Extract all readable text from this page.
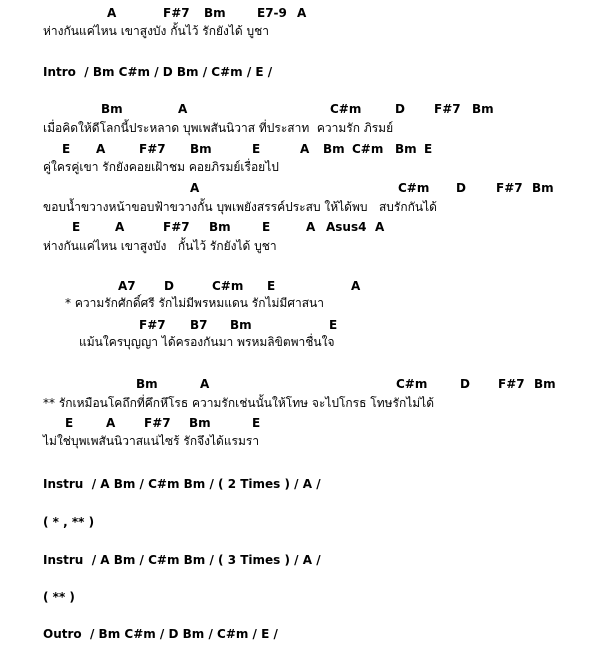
A	F#7 Bm	E7-9 A
ห่างกันแค่ไหน เขาสูงบัง กั้นไว้ รักยังได้ บูชา
Intro  / Bm C#m / D Bm / C#m / E /
Bm	A	C#m	D F#7 Bm
เมื่อคิดให้ดีโลกนี้ประหลาด บุพเพสันนิวาส ที่ประสาท  ความรัก ภิรมย์
E A	F#7 Bm	E	A Bm C#m Bm E
คู่ใครคู่เขา รักยังคอยเฝ้าชม คอยภิรมย์เรื่อยไป
A	C#m D	F#7 Bm
ขอบน้ำขวางหน้าขอบฟ้าขวางกั้น บุพเพยังสรรค์ประสบ ให้ได้พบ   สบรักกันได้
E	A	F#7 Bm	E	A Asus4 A
ห่างกันแค่ไหน เขาสูงบัง   กั้นไว้ รักยังได้ บูชา
A7 D	C#m E	A
* ความรักศักดิ์ศรี รักไม่มีพรหมแดน รักไม่มีศาสนา
F#7 B7 Bm	E
แม้นใครบุญญา ได้ครองกันมา พรหมลิขิตพาชื่นใจ
Bm	A	C#m	D F#7 Bm
** รักเหมือนโคถึกที่คึกหึโรธ ความรักเช่นนั้นให้โทษ จะไปโกรธ โทษรักไม่ได้
E	A F#7 Bm	E
ไม่ใช่บุพเพสันนิวาสแน่ไซร้ รักจึงได้แรมรา
Instru  / A Bm / C#m Bm / ( 2 Times ) / A /
( * , ** )
Instru  / A Bm / C#m Bm / ( 3 Times ) / A /
( ** )
Outro  / Bm C#m / D Bm / C#m / E /
